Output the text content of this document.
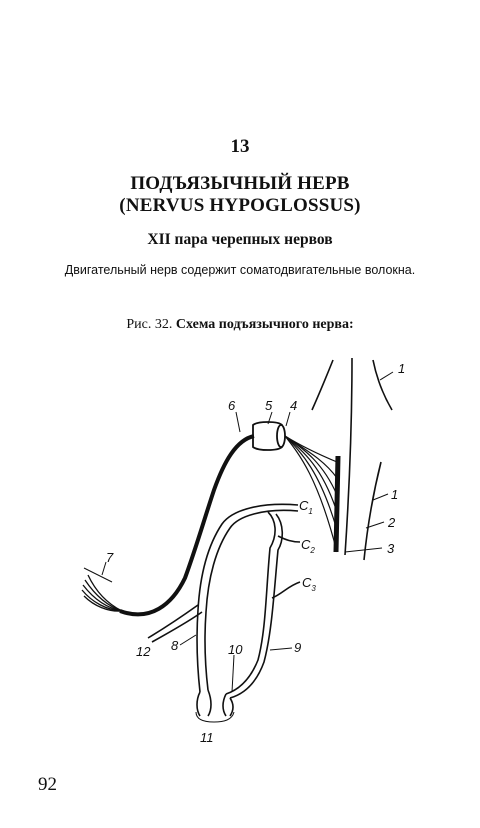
13
ПОДЪЯЗЫЧНЫЙ НЕРВ
(NERVUS HYPOGLOSSUS)
XII пара черепных нервов
Двигательный нерв содержит соматодвигательные волокна.
Рис. 32. Схема подъязычного нерва:
1
1
2
3
4
5
6
7
8	9
10
11
12
$C_1$
$C_2$
$C_3$
92
